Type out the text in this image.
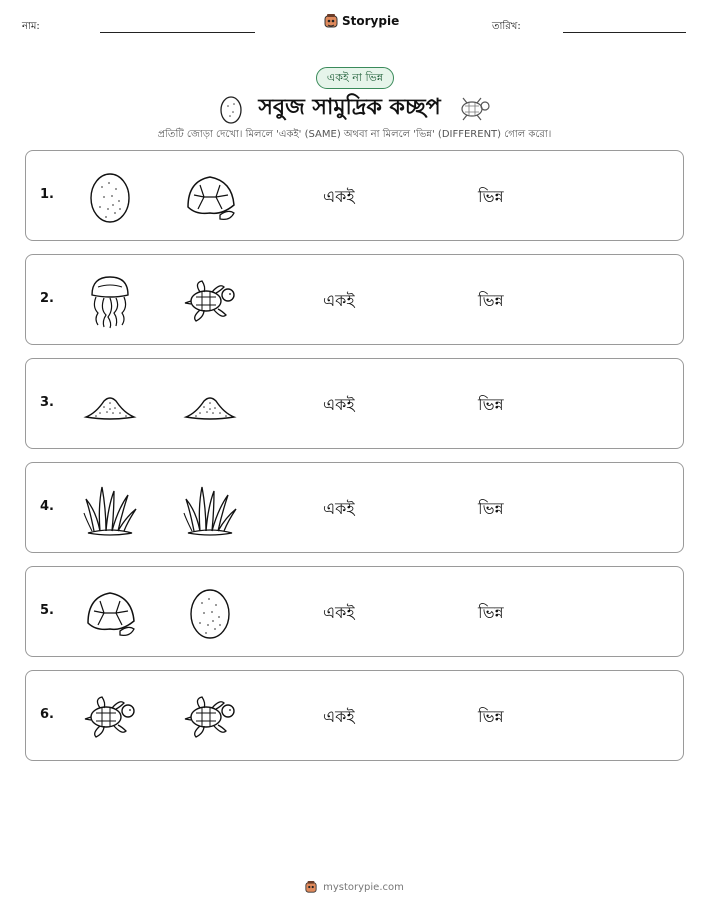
নাম:	Storypie	তারিখ:
একই না ভিন্ন
সবুজ সামুদ্রিক কচ্ছপ
প্রতিটি জোড়া দেখো। মিললে 'একই' (SAME) অথবা না মিললে 'ভিন্ন' (DIFFERENT) গোল করো।
1.	একই	ভিন্ন
2.	একই	ভিন্ন
3.	একই	ভিন্ন
4.	একই	ভিন্ন
5.	একই	ভিন্ন
6.	একই	ভিন্ন
mystorypie.com
